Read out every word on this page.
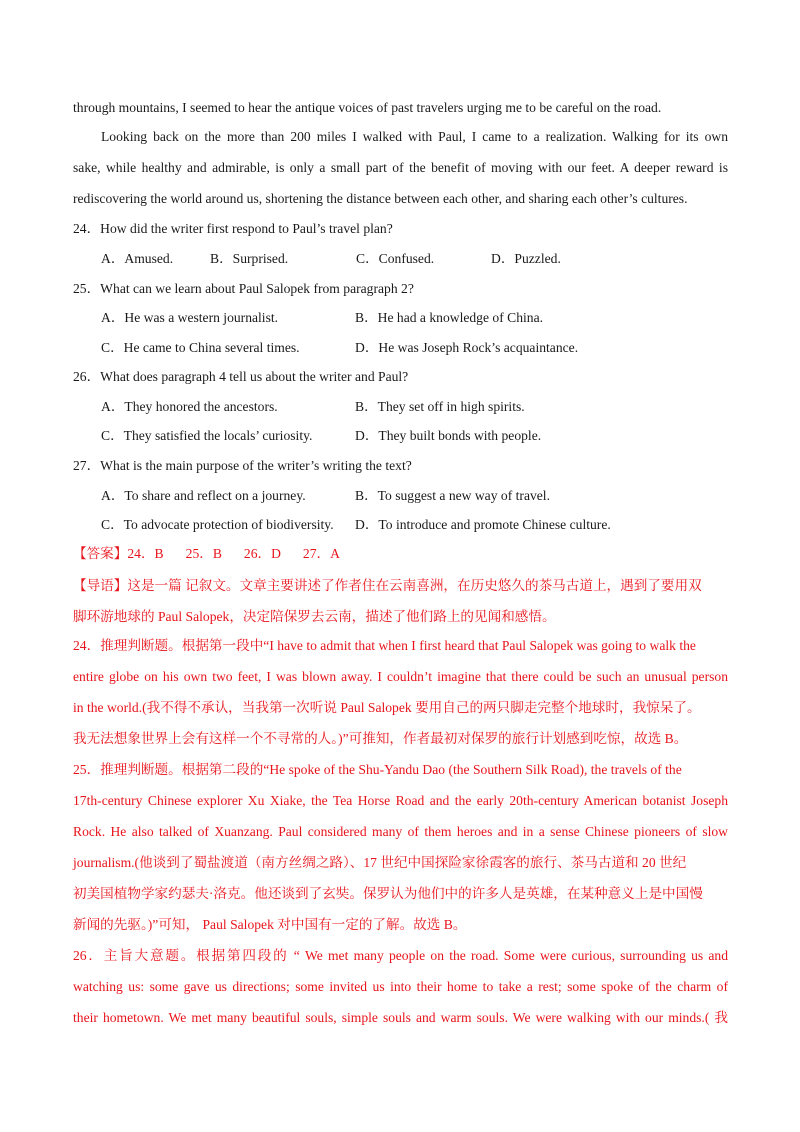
through mountains, I seemed to hear the antique voices of past travelers urging me to be careful on the road.
Looking back on the more than 200 miles I walked with Paul, I came to a realization. Walking for its own
sake, while healthy and admirable, is only a small part of the benefit of moving with our feet. A deeper reward is
rediscovering the world around us, shortening the distance between each other, and sharing each other’s cultures.
24．How did the writer first respond to Paul’s travel plan?
A．Amused.	B．Surprised.	C．Confused.	D．Puzzled.
25．What can we learn about Paul Salopek from paragraph 2?
A．He was a western journalist.	B．He had a knowledge of China.
C．He came to China several times.	D．He was Joseph Rock’s acquaintance.
26．What does paragraph 4 tell us about the writer and Paul?
A．They honored the ancestors.	B．They set off in high spirits.
C．They satisfied the locals’ curiosity.	D．They built bonds with people.
27．What is the main purpose of the writer’s writing the text?
A．To share and reflect on a journey.	B．To suggest a new way of travel.
C．To advocate protection of biodiversity. D．To introduce and promote Chinese culture.
【答案】24．B 25．B 26．D 27．A
【导语】这是一篇 记叙文。文章主要讲述了作者住在云南喜洲，在历史悠久的茶马古道上，遇到了要用双
脚环游地球的 Paul Salopek，决定陪保罗去云南，描述了他们路上的见闻和感悟。
24．推理判断题。根据第一段中“I have to admit that when I first heard that Paul Salopek was going to walk the
entire globe on his own two feet, I was blown away. I couldn’t imagine that there could be such an unusual person
in the world.(我不得不承认，当我第一次听说 Paul Salopek 要用自己的两只脚走完整个地球时，我惊呆了。
我无法想象世界上会有这样一个不寻常的人。)”可推知，作者最初对保罗的旅行计划感到吃惊，故选 B。
25．推理判断题。根据第二段的“He spoke of the Shu-Yandu Dao (the Southern Silk Road), the travels of the
17th-century Chinese explorer Xu Xiake, the Tea Horse Road and the early 20th-century American botanist Joseph
Rock. He also talked of Xuanzang. Paul considered many of them heroes and in a sense Chinese pioneers of slow
journalism.(他谈到了蜀盐渡道（南方丝绸之路）、17 世纪中国探险家徐霞客的旅行、茶马古道和 20 世纪
初美国植物学家约瑟夫·洛克。他还谈到了玄奘。保罗认为他们中的许多人是英雄，在某种意义上是中国慢
新闻的先驱。)”可知， Paul Salopek 对中国有一定的了解。故选 B。
26．主旨大意题。根据第四段的 “ We met many people on the road. Some were curious, surrounding us and
watching us: some gave us directions; some invited us into their home to take a rest; some spoke of the charm of
their hometown. We met many beautiful souls, simple souls and warm souls. We were walking with our minds.( 我
